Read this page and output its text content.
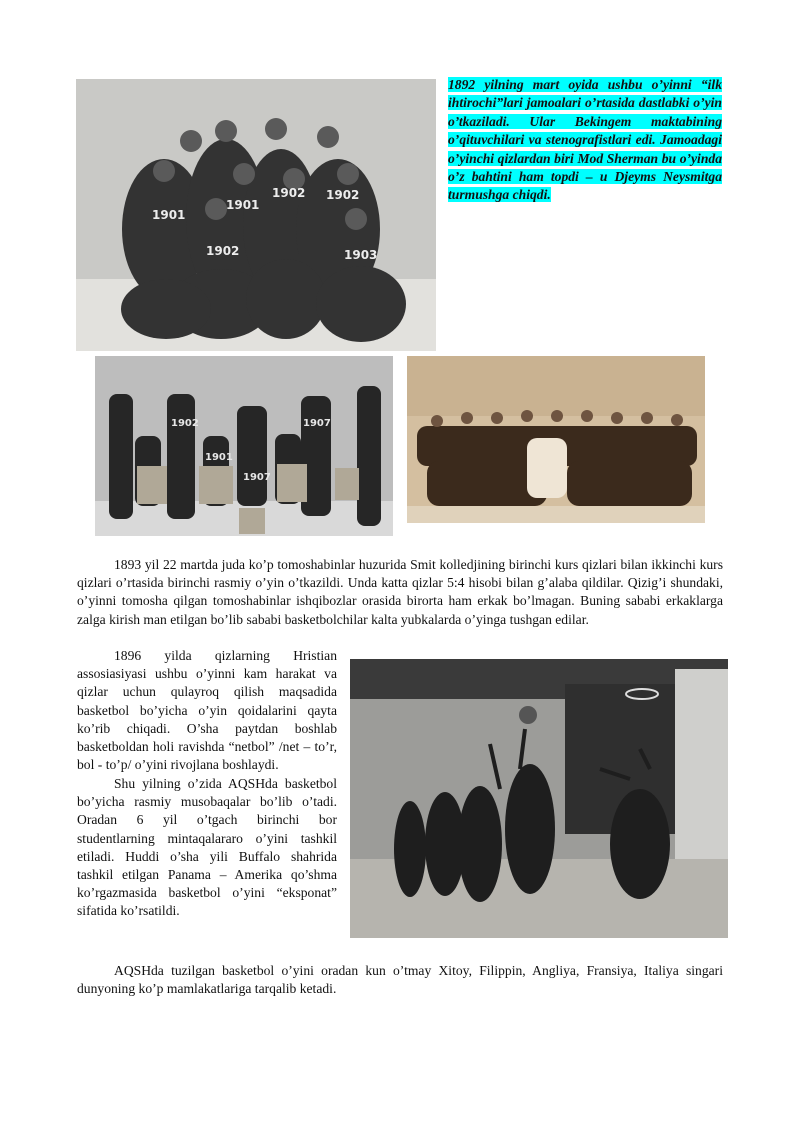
1901
1901
1902 1902
1902	1903

1892 yilning mart oyida ushbu o’yinni “ilk ihtirochi”lari jamoalari o’rtasida dastlabki o’yin o’tkaziladi. Ular Bekingem maktabining o’qituvchilari va stenografistlari edi. Jamoadagi o’yinchi qizlardan biri Mod Sherman bu o’yinda o’z bahtini ham topdi – u Djeyms Neysmitga turmushga chiqdi.

1902
1901
1907
1907

1893 yil 22 martda juda ko’p tomoshabinlar huzurida Smit kolledjining birinchi kurs qizlari bilan ikkinchi kurs qizlari o’rtasida birinchi rasmiy o’yin o’tkazildi. Unda katta qizlar 5:4 hisobi bilan g’alaba qildilar. Qizig’i shundaki, o’yinni tomosha qilgan tomoshabinlar ishqibozlar orasida birorta ham erkak bo’lmagan. Buning sababi erkaklarga zalga kirish man etilgan bo’lib sababi basketbolchilar kalta yubkalarda o’yinga tushgan edilar.

1896 yilda qizlarning Hristian assosiasiyasi ushbu o’yinni kam harakat va qizlar uchun qulayroq qilish maqsadida basketbol bo’yicha o’yin qoidalarini qayta ko’rib chiqadi. O’sha paytdan boshlab basketboldan holi ravishda “netbol” /net – to’r, bol - to’p/ o’yini rivojlana boshlaydi.

Shu yilning o’zida AQSHda basketbol bo’yicha rasmiy musobaqalar bo’lib o’tadi. Oradan 6 yil o’tgach birinchi bor studentlarning mintaqalararo o’yini tashkil etiladi. Huddi o’sha yili Buffalo shahrida tashkil etilgan Panama – Amerika qo’shma ko’rgazmasida basketbol o’yini “eksponat” sifatida ko’rsatildi.

AQSHda tuzilgan basketbol o’yini oradan kun o’tmay Xitoy, Filippin, Angliya, Fransiya, Italiya singari dunyoning ko’p mamlakatlariga tarqalib ketadi.
